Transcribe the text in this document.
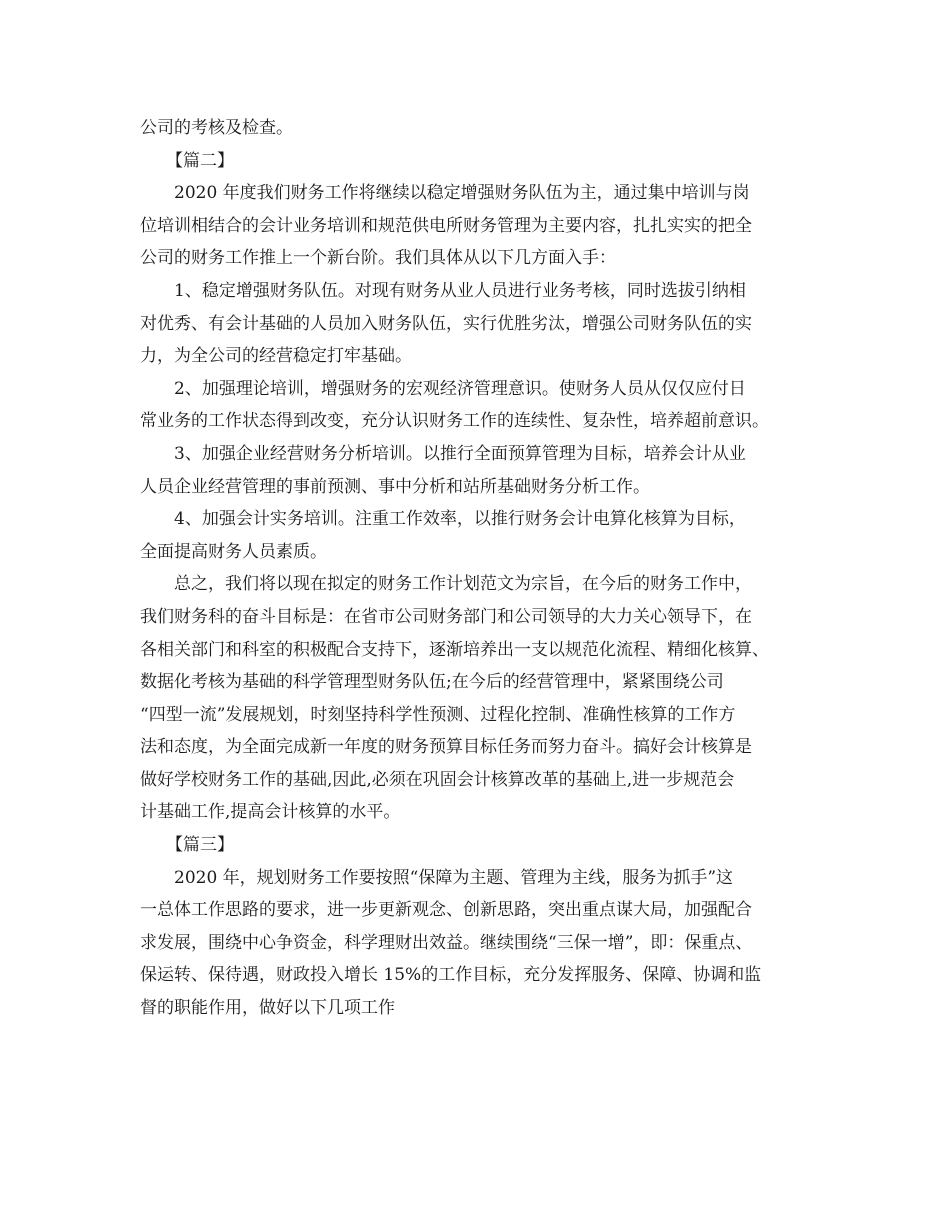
公司的考核及检查。
【篇二】
2020 年度我们财务工作将继续以稳定增强财务队伍为主，通过集中培训与岗
位培训相结合的会计业务培训和规范供电所财务管理为主要内容，扎扎实实的把全
公司的财务工作推上一个新台阶。我们具体从以下几方面入手：
1、稳定增强财务队伍。对现有财务从业人员进行业务考核，同时选拔引纳相
对优秀、有会计基础的人员加入财务队伍，实行优胜劣汰，增强公司财务队伍的实
力，为全公司的经营稳定打牢基础。
2、加强理论培训，增强财务的宏观经济管理意识。使财务人员从仅仅应付日
常业务的工作状态得到改变，充分认识财务工作的连续性、复杂性，培养超前意识。
3、加强企业经营财务分析培训。以推行全面预算管理为目标，培养会计从业
人员企业经营管理的事前预测、事中分析和站所基础财务分析工作。
4、加强会计实务培训。注重工作效率，以推行财务会计电算化核算为目标，
全面提高财务人员素质。
总之，我们将以现在拟定的财务工作计划范文为宗旨，在今后的财务工作中，
我们财务科的奋斗目标是：在省市公司财务部门和公司领导的大力关心领导下，在
各相关部门和科室的积极配合支持下，逐渐培养出一支以规范化流程、精细化核算、
数据化考核为基础的科学管理型财务队伍;在今后的经营管理中，紧紧围绕公司
“四型一流”发展规划，时刻坚持科学性预测、过程化控制、准确性核算的工作方
法和态度，为全面完成新一年度的财务预算目标任务而努力奋斗。搞好会计核算是
做好学校财务工作的基础,因此,必须在巩固会计核算改革的基础上,进一步规范会
计基础工作,提高会计核算的水平。
【篇三】
2020 年，规划财务工作要按照“保障为主题、管理为主线，服务为抓手”这
一总体工作思路的要求，进一步更新观念、创新思路，突出重点谋大局，加强配合
求发展，围绕中心争资金，科学理财出效益。继续围绕“三保一增”，即：保重点、
保运转、保待遇，财政投入增长 15%的工作目标，充分发挥服务、保障、协调和监
督的职能作用，做好以下几项工作
